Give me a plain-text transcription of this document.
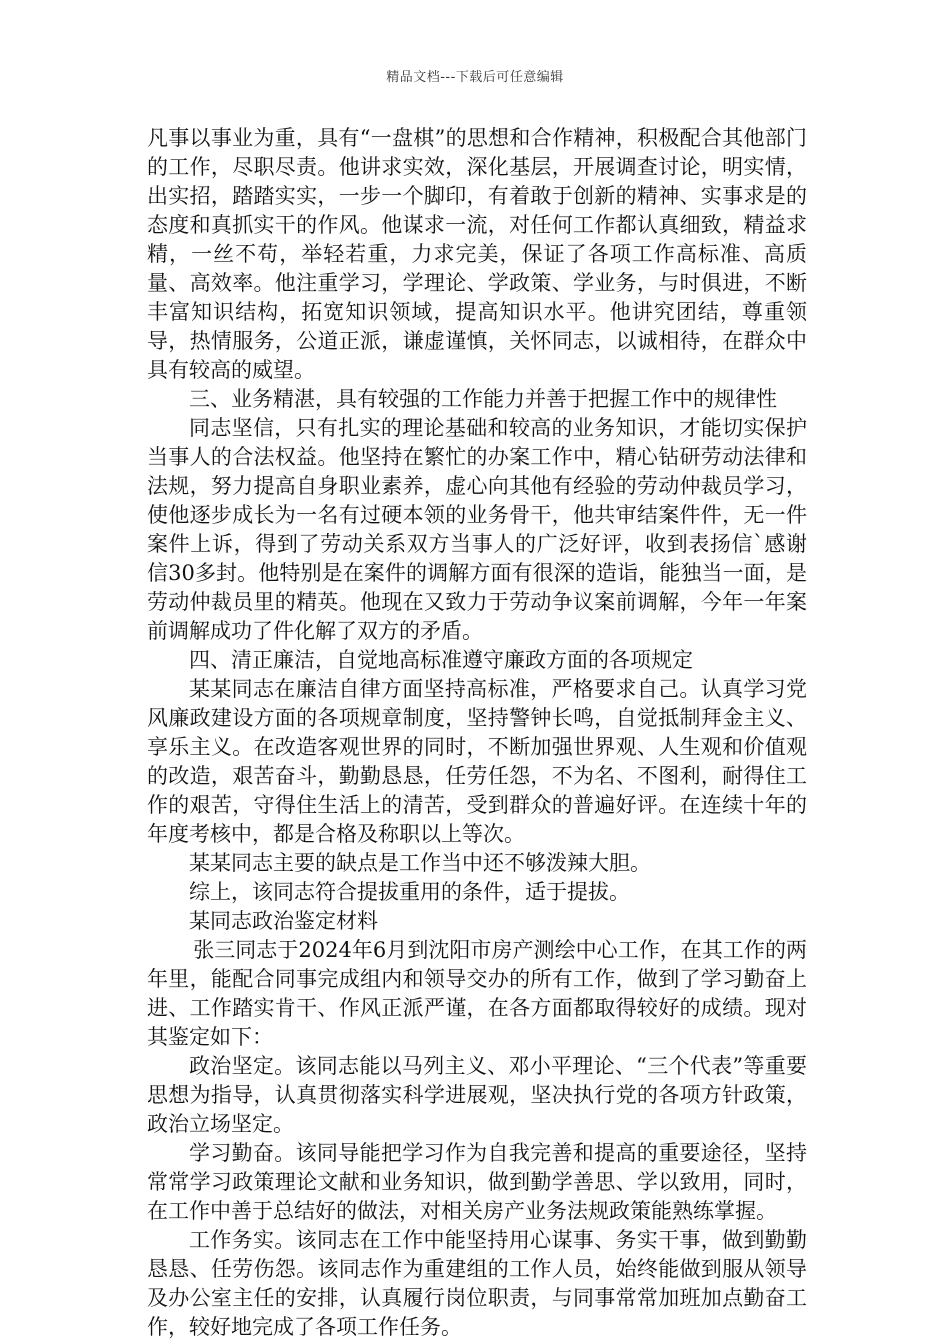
精品文档---下载后可任意编辑

凡事以事业为重，具有“一盘棋”的思想和合作精神，积极配合其他部门的工作，尽职尽责。他讲求实效，深化基层，开展调查讨论，明实情，出实招，踏踏实实，一步一个脚印，有着敢于创新的精神、实事求是的态度和真抓实干的作风。他谋求一流，对任何工作都认真细致，精益求精，一丝不苟，举轻若重，力求完美，保证了各项工作高标准、高质量、高效率。他注重学习，学理论、学政策、学业务，与时俱进，不断丰富知识结构，拓宽知识领域，提高知识水平。他讲究团结，尊重领导，热情服务，公道正派，谦虚谨慎，关怀同志，以诚相待，在群众中具有较高的威望。

三、业务精湛，具有较强的工作能力并善于把握工作中的规律性

同志坚信，只有扎实的理论基础和较高的业务知识，才能切实保护当事人的合法权益。他坚持在繁忙的办案工作中，精心钻研劳动法律和法规，努力提高自身职业素养，虚心向其他有经验的劳动仲裁员学习，使他逐步成长为一名有过硬本领的业务骨干，他共审结案件件，无一件案件上诉，得到了劳动关系双方当事人的广泛好评，收到表扬信`感谢信30多封。他特别是在案件的调解方面有很深的造诣，能独当一面，是劳动仲裁员里的精英。他现在又致力于劳动争议案前调解，今年一年案前调解成功了件化解了双方的矛盾。

四、清正廉洁，自觉地高标准遵守廉政方面的各项规定

某某同志在廉洁自律方面坚持高标准，严格要求自己。认真学习党风廉政建设方面的各项规章制度，坚持警钟长鸣，自觉抵制拜金主义、享乐主义。在改造客观世界的同时，不断加强世界观、人生观和价值观的改造，艰苦奋斗，勤勤恳恳，任劳任怨，不为名、不图利，耐得住工作的艰苦，守得住生活上的清苦，受到群众的普遍好评。在连续十年的年度考核中，都是合格及称职以上等次。

某某同志主要的缺点是工作当中还不够泼辣大胆。

综上，该同志符合提拔重用的条件，适于提拔。

某同志政治鉴定材料

张三同志于2024年6月到沈阳市房产测绘中心工作，在其工作的两年里，能配合同事完成组内和领导交办的所有工作，做到了学习勤奋上进、工作踏实肯干、作风正派严谨，在各方面都取得较好的成绩。现对其鉴定如下：

政治坚定。该同志能以马列主义、邓小平理论、“三个代表”等重要思想为指导，认真贯彻落实科学进展观，坚决执行党的各项方针政策，政治立场坚定。

学习勤奋。该同导能把学习作为自我完善和提高的重要途径，坚持常常学习政策理论文献和业务知识，做到勤学善思、学以致用，同时，在工作中善于总结好的做法，对相关房产业务法规政策能熟练掌握。

工作务实。该同志在工作中能坚持用心谋事、务实干事，做到勤勤恳恳、任劳伤怨。该同志作为重建组的工作人员，始终能做到服从领导及办公室主任的安排，认真履行岗位职责，与同事常常加班加点勤奋工作，较好地完成了各项工作任务。
